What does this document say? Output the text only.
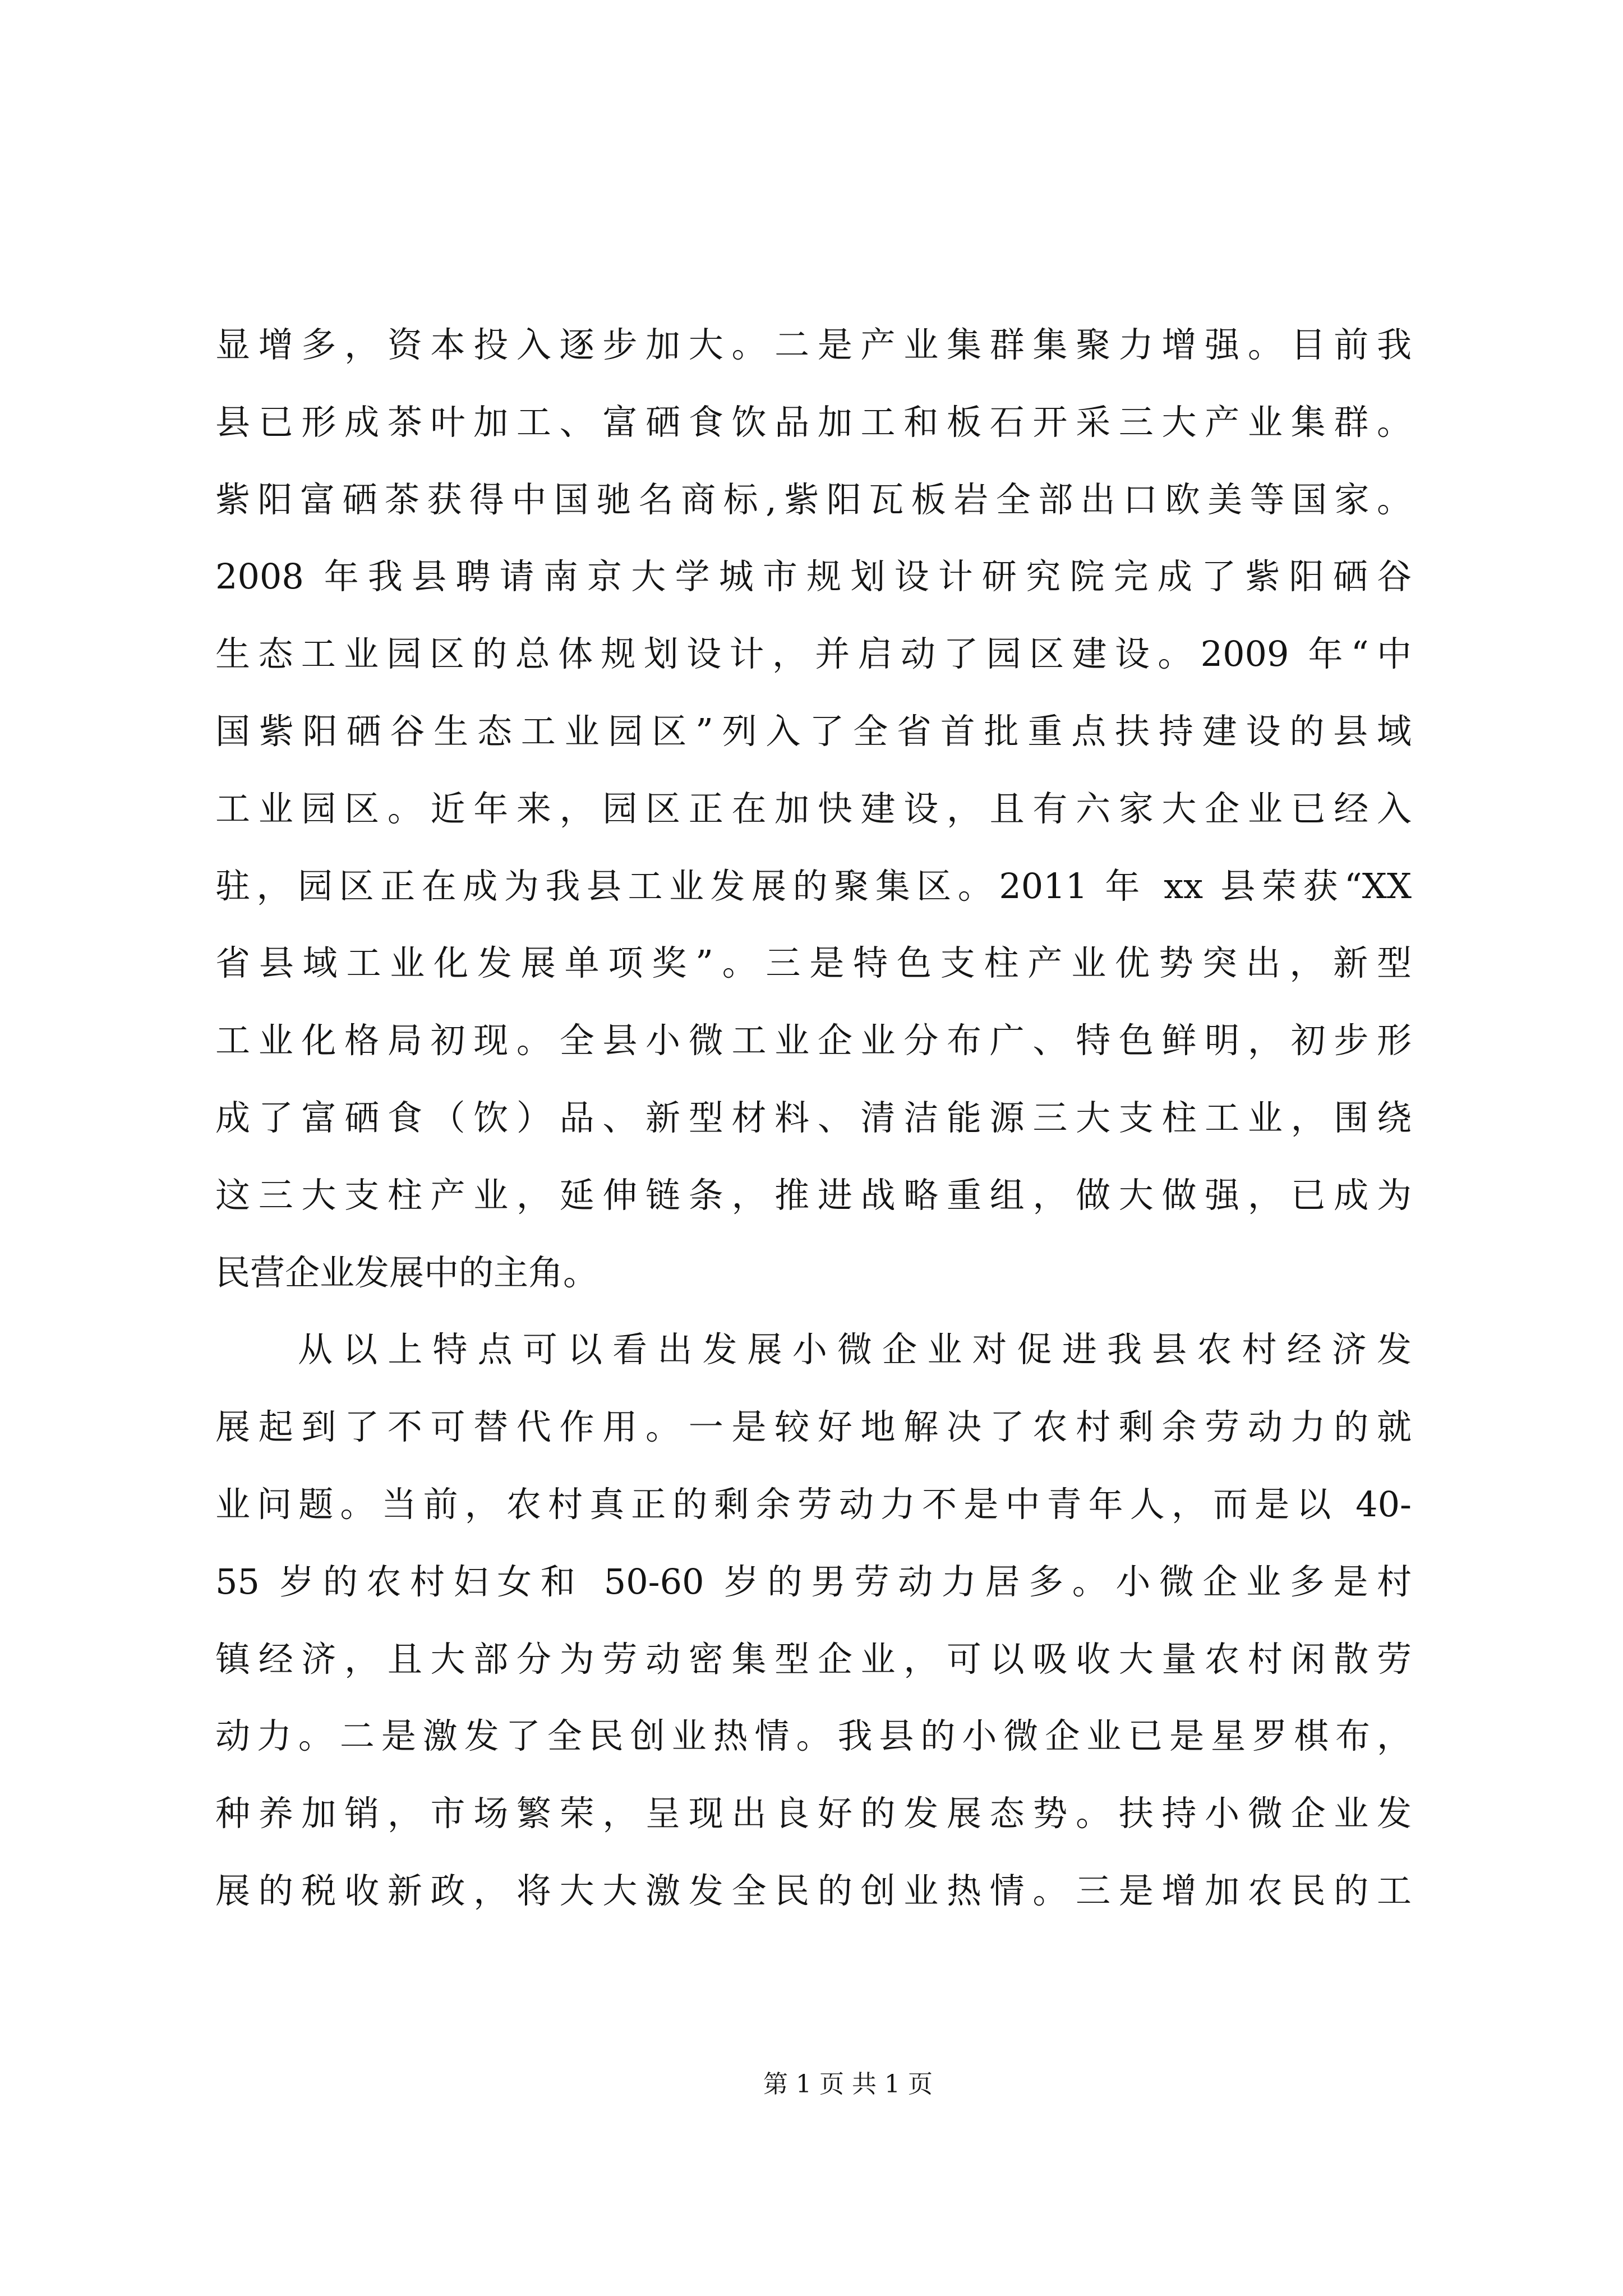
显增多，资本投入逐步加大。二是产业集群集聚力增强。目前我
县已形成茶叶加工、富硒食饮品加工和板石开采三大产业集群。
紫阳富硒茶获得中国驰名商标,紫阳瓦板岩全部出口欧美等国家。
2008 年我县聘请南京大学城市规划设计研究院完成了紫阳硒谷
生态工业园区的总体规划设计，并启动了园区建设。2009 年“中
国紫阳硒谷生态工业园区”列入了全省首批重点扶持建设的县域
工业园区。近年来，园区正在加快建设，且有六家大企业已经入
驻，园区正在成为我县工业发展的聚集区。2011 年 xx 县荣获“XX
省县域工业化发展单项奖”。三是特色支柱产业优势突出，新型
工业化格局初现。全县小微工业企业分布广、特色鲜明，初步形
成了富硒食（饮）品、新型材料、清洁能源三大支柱工业，围绕
这三大支柱产业，延伸链条，推进战略重组，做大做强，已成为
民营企业发展中的主角。
从以上特点可以看出发展小微企业对促进我县农村经济发
展起到了不可替代作用。一是较好地解决了农村剩余劳动力的就
业问题。当前，农村真正的剩余劳动力不是中青年人，而是以 40-
55 岁的农村妇女和 50-60 岁的男劳动力居多。小微企业多是村
镇经济，且大部分为劳动密集型企业，可以吸收大量农村闲散劳
动力。二是激发了全民创业热情。我县的小微企业已是星罗棋布，
种养加销，市场繁荣，呈现出良好的发展态势。扶持小微企业发
展的税收新政，将大大激发全民的创业热情。三是增加农民的工
第 1 页 共 1 页
